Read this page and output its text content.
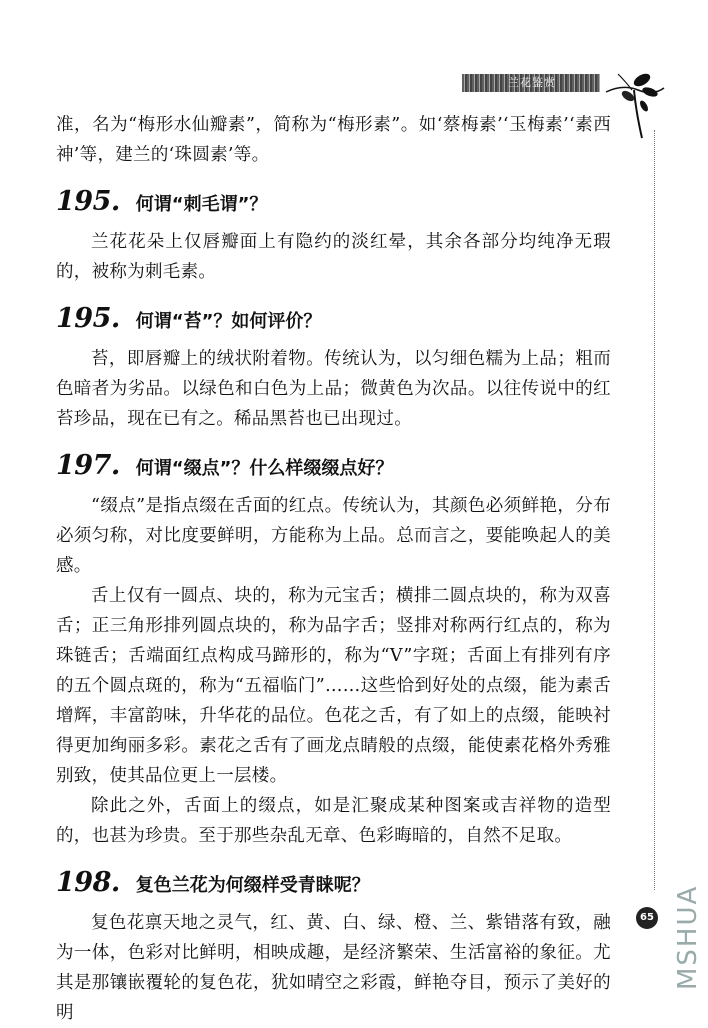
兰花鉴赏

准，名为“梅形水仙瓣素”，简称为“梅形素”。如‘蔡梅素’‘玉梅素’‘素西神’等，建兰的‘珠圆素’等。

195. 何谓“刺毛谓”？

兰花花朵上仅唇瓣面上有隐约的淡红晕，其余各部分均纯净无瑕的，被称为刺毛素。

195. 何谓“苔”？如何评价？

苔，即唇瓣上的绒状附着物。传统认为，以匀细色糯为上品；粗而色暗者为劣品。以绿色和白色为上品；微黄色为次品。以往传说中的红苔珍品，现在已有之。稀品黑苔也已出现过。

197. 何谓“缀点”？什么样缀缀点好？

“缀点”是指点缀在舌面的红点。传统认为，其颜色必须鲜艳，分布必须匀称，对比度要鲜明，方能称为上品。总而言之，要能唤起人的美感。

舌上仅有一圆点、块的，称为元宝舌；横排二圆点块的，称为双喜舌；正三角形排列圆点块的，称为品字舌；竖排对称两行红点的，称为珠链舌；舌端面红点构成马蹄形的，称为“V”字斑；舌面上有排列有序的五个圆点斑的，称为“五福临门”……这些恰到好处的点缀，能为素舌增辉，丰富韵味，升华花的品位。色花之舌，有了如上的点缀，能映衬得更加绚丽多彩。素花之舌有了画龙点睛般的点缀，能使素花格外秀雅别致，使其品位更上一层楼。

除此之外，舌面上的缀点，如是汇聚成某种图案或吉祥物的造型的，也甚为珍贵。至于那些杂乱无章、色彩晦暗的，自然不足取。

198. 复色兰花为何缀样受青睐呢？

复色花禀天地之灵气，红、黄、白、绿、橙、兰、紫错落有致，融为一体，色彩对比鲜明，相映成趣，是经济繁荣、生活富裕的象征。尤其是那镶嵌覆轮的复色花，犹如晴空之彩霞，鲜艳夺目，预示了美好的明

65 MSHUA
